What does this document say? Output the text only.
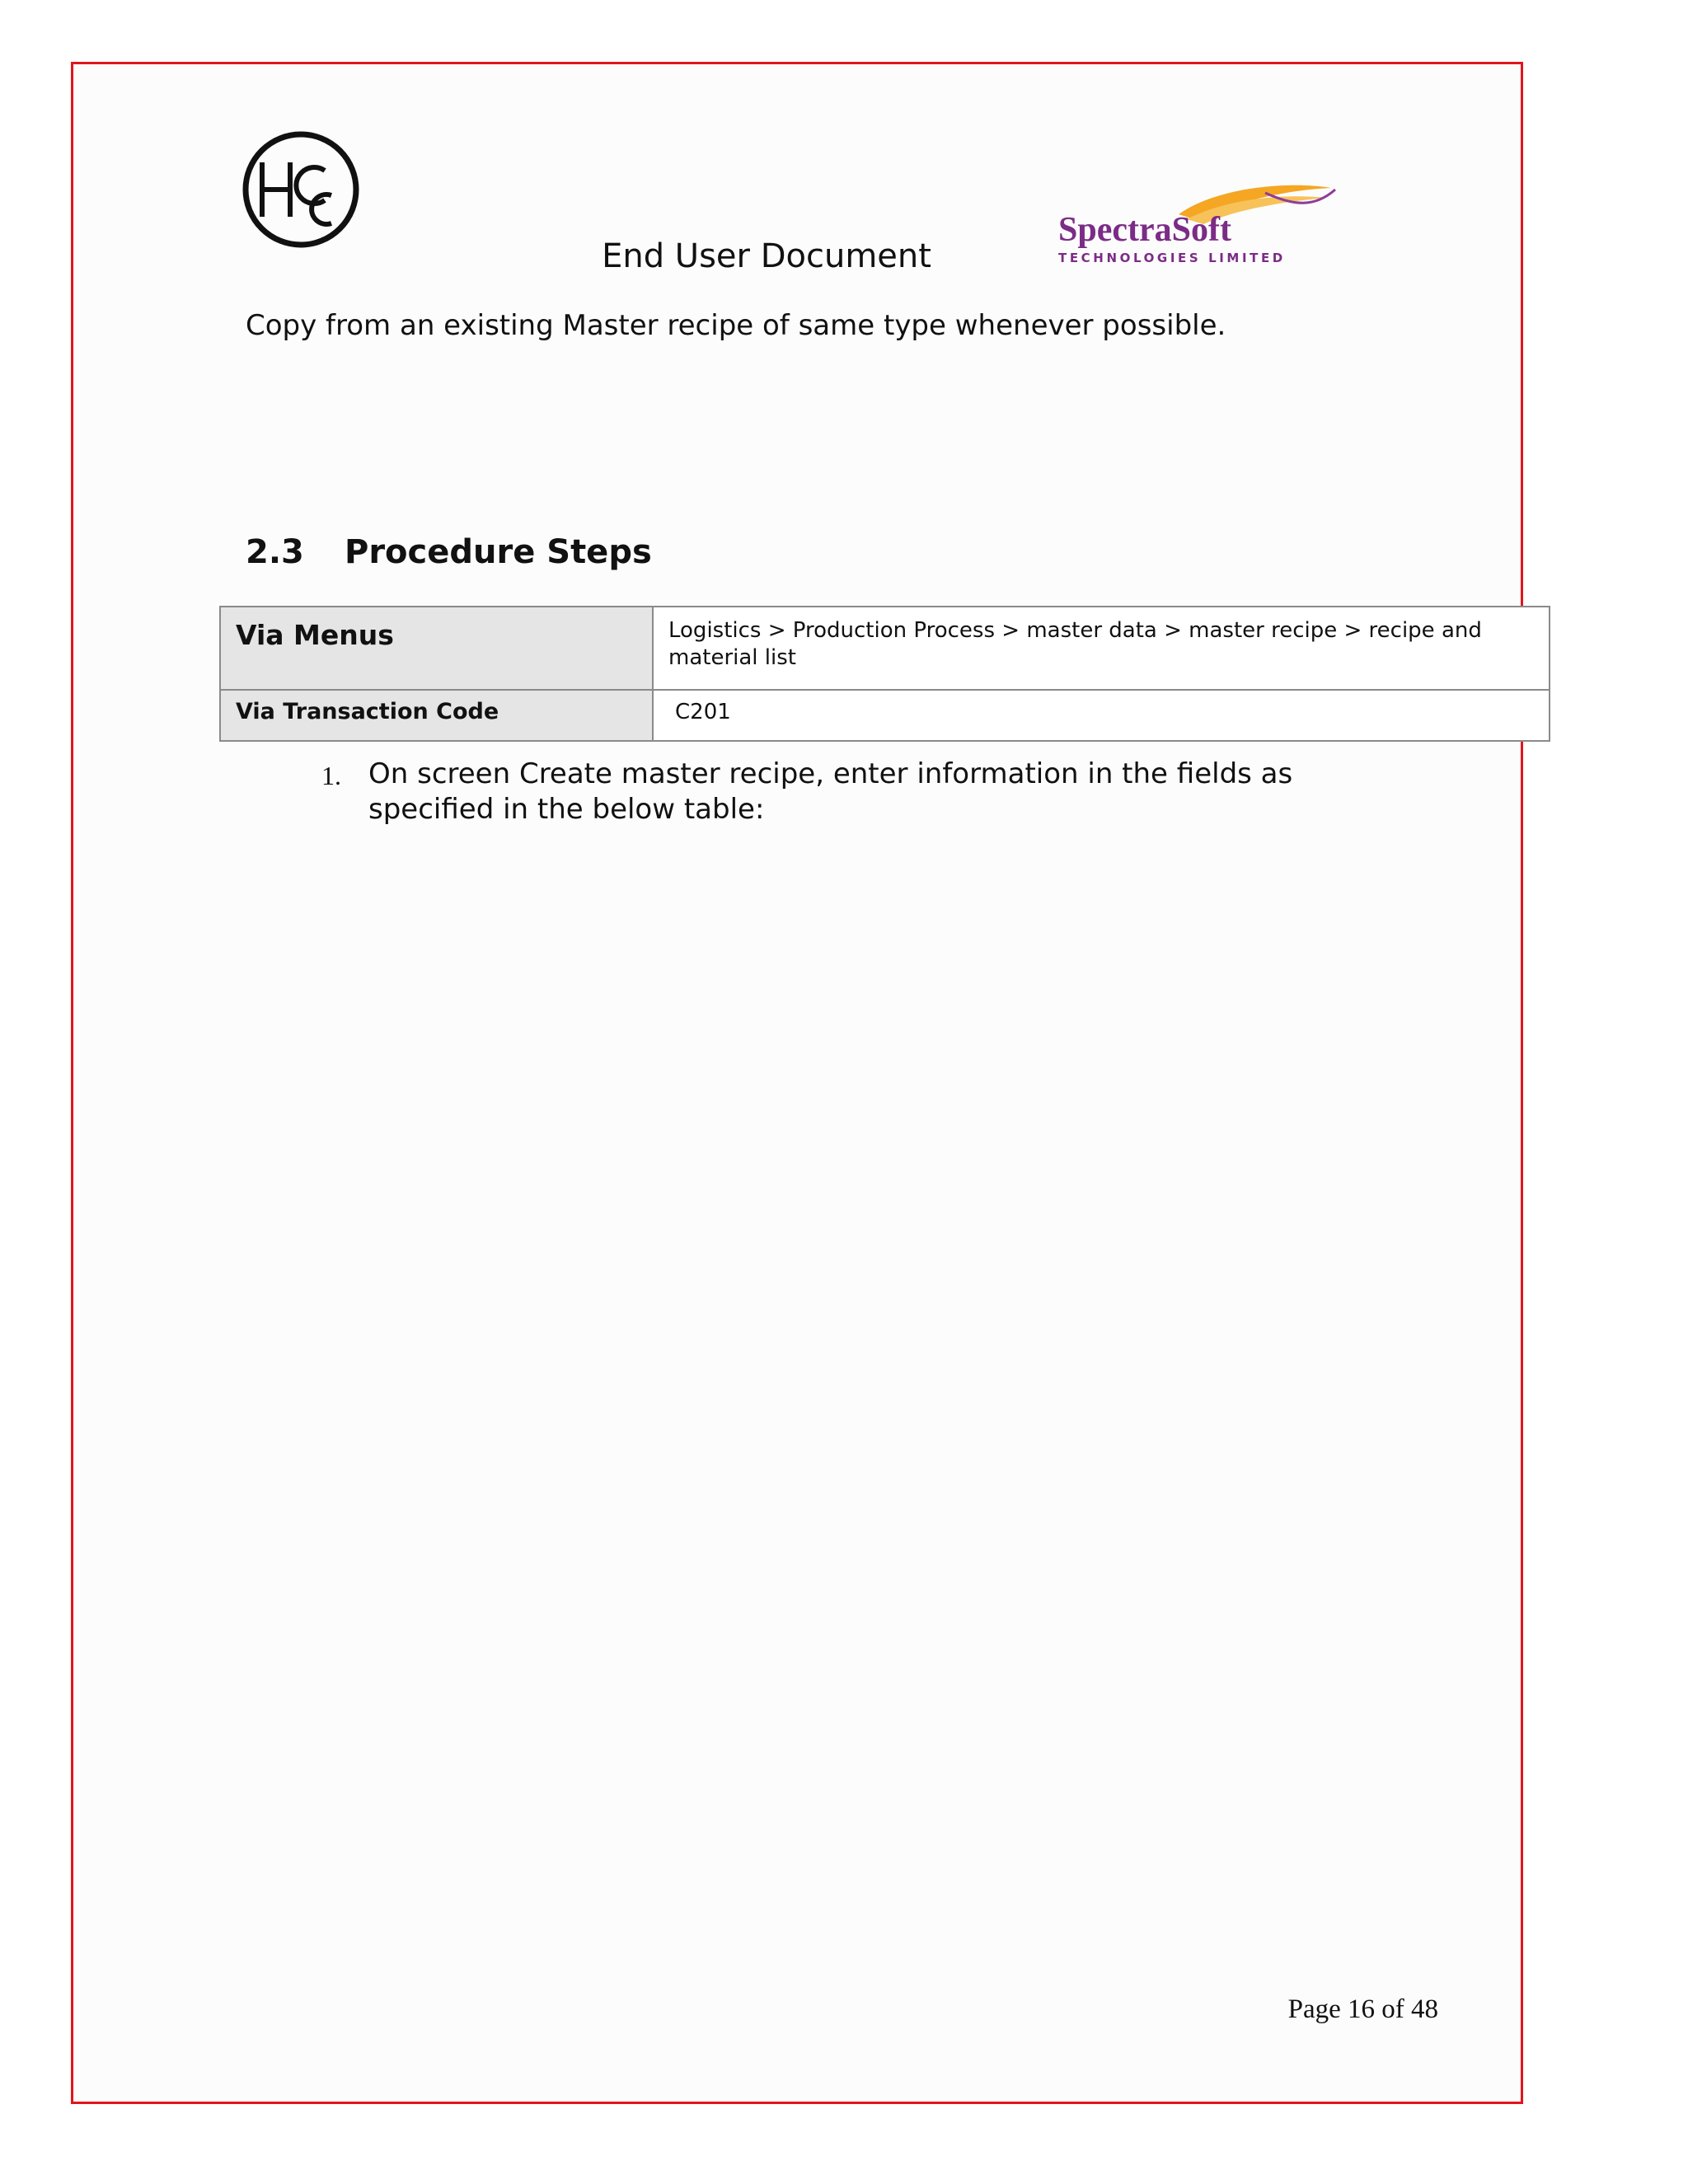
SpectraSoft
TECHNOLOGIES LIMITED
End User Document
Copy from an existing Master recipe of same type whenever possible.
2.3 Procedure Steps
Via Menus	Logistics > Production Process > master data > master recipe > recipe and material list
Via Transaction Code	C201
1. On screen Create master recipe, enter information in the fields as specified in the below table:
Page 16 of 48
